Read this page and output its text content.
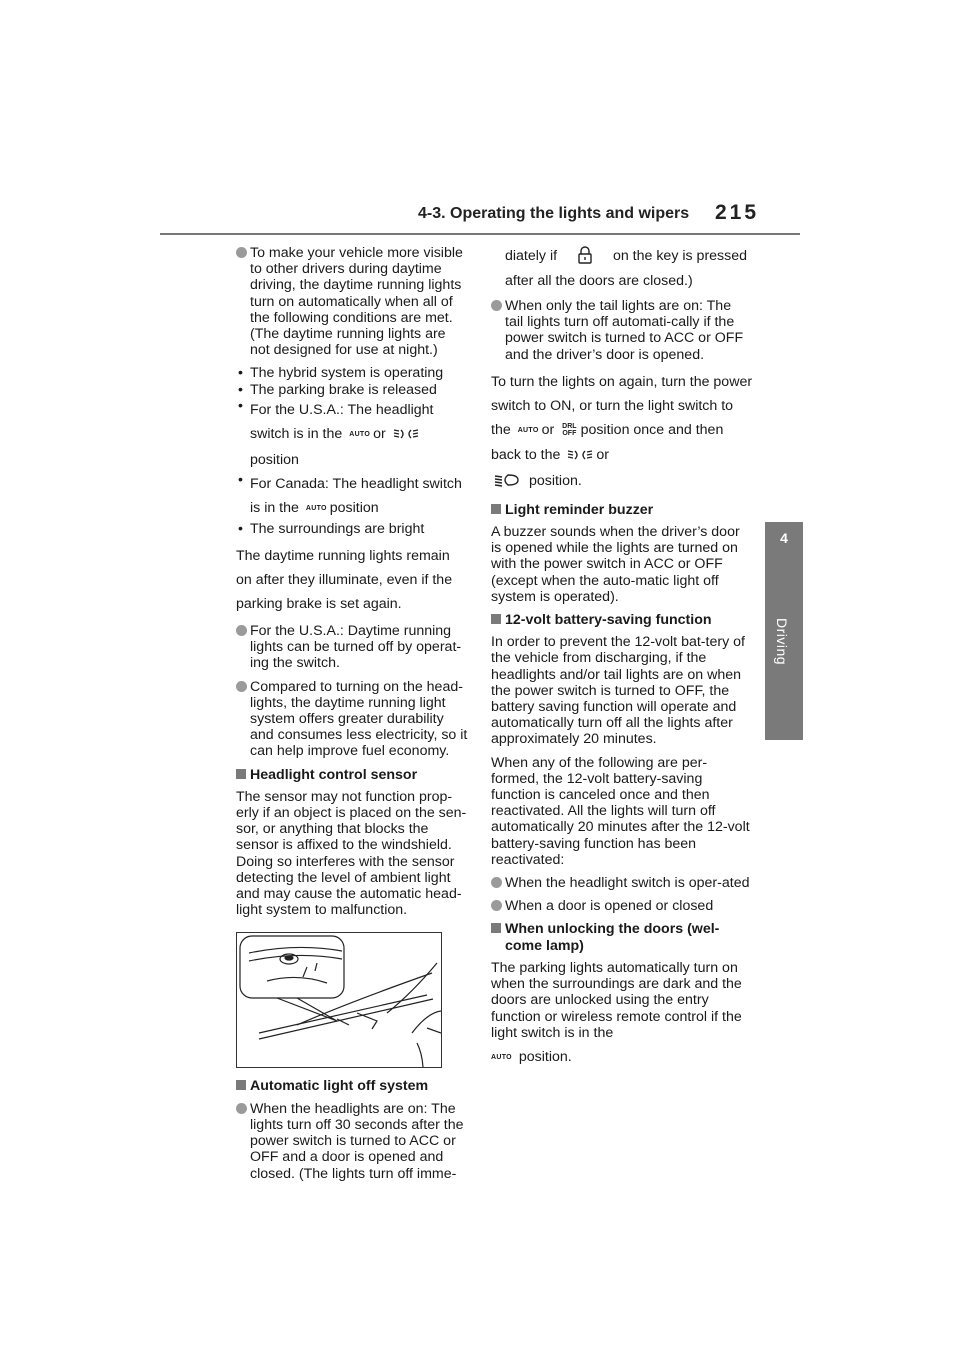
4-3. Operating the lights and wipers 215
4
Driving
To make your vehicle more visible to other drivers during daytime driving, the daytime running lights turn on automatically when all of the following conditions are met. (The daytime running lights are not designed for use at night.)
• The hybrid system is operating
• The parking brake is released
• For the U.S.A.: The headlight switch is in the AUTO or position
• For Canada: The headlight switch is in the AUTO position
• The surroundings are bright
The daytime running lights remain on after they illuminate, even if the parking brake is set again.
For the U.S.A.: Daytime running lights can be turned off by operat-ing the switch.
Compared to turning on the head-lights, the daytime running light system offers greater durability and consumes less electricity, so it can help improve fuel economy.
Headlight control sensor
The sensor may not function prop-erly if an object is placed on the sen-sor, or anything that blocks the sensor is affixed to the windshield. Doing so interferes with the sensor detecting the level of ambient light and may cause the automatic head-light system to malfunction.
Automatic light off system
When the headlights are on: The lights turn off 30 seconds after the power switch is turned to ACC or OFF and a door is opened and closed. (The lights turn off imme-
diately if	on the key is pressed after all the doors are closed.)
When only the tail lights are on: The tail lights turn off automati-cally if the power switch is turned to ACC or OFF and the driver’s door is opened.
To turn the lights on again, turn the power switch to ON, or turn the light switch to the AUTO or DRL
OFF position once and then back to the	or
position.
Light reminder buzzer
A buzzer sounds when the driver’s door is opened while the lights are turned on with the power switch in ACC or OFF (except when the auto-matic light off system is operated).
12-volt battery-saving function
In order to prevent the 12-volt bat-tery of the vehicle from discharging, if the headlights and/or tail lights are on when the power switch is turned to OFF, the battery saving function will operate and automatically turn off all the lights after approximately 20 minutes.
When any of the following are per-formed, the 12-volt battery-saving function is canceled once and then reactivated. All the lights will turn off automatically 20 minutes after the 12-volt battery-saving function has been reactivated:
When the headlight switch is oper-ated
When a door is opened or closed
When unlocking the doors (wel-come lamp)
The parking lights automatically turn on when the surroundings are dark and the doors are unlocked using the entry function or wireless remote control if the light switch is in the
AUTO position.
